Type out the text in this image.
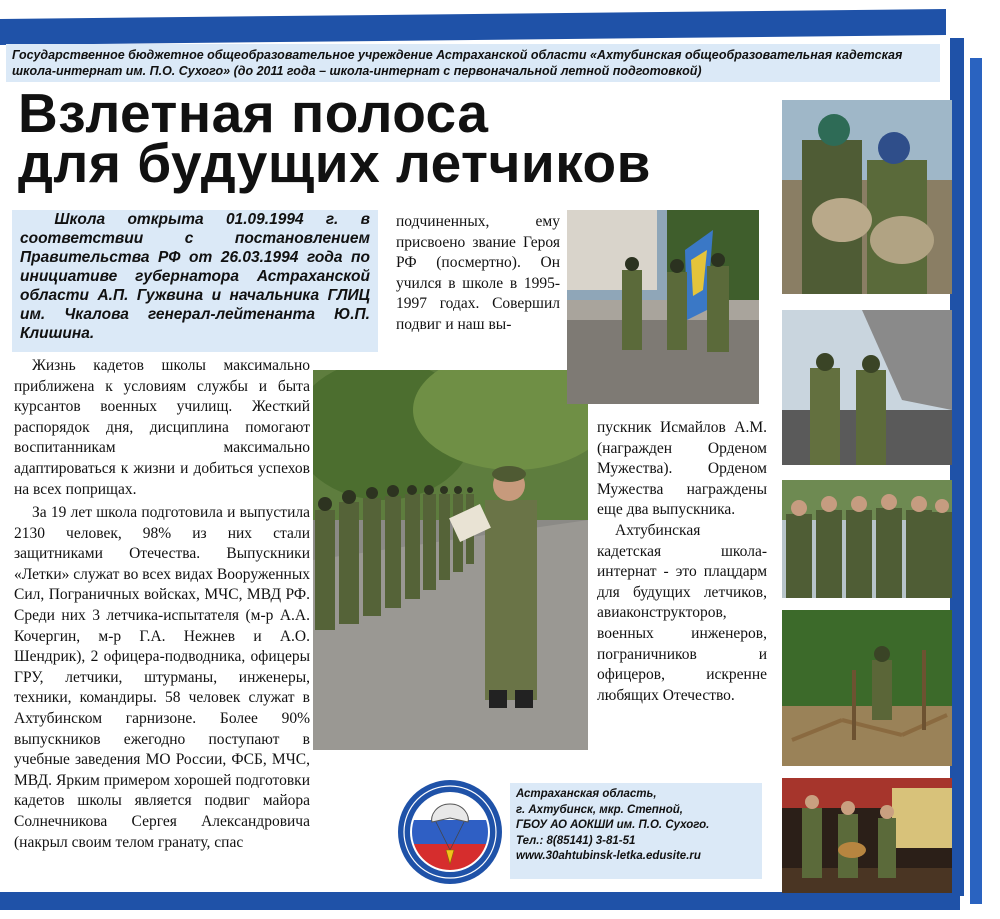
Государственное бюджетное общеобразовательное учреждение Астраханской области «Ахтубинская общеобразовательная кадетская школа-интернат им. П.О. Сухого» (до 2011 года – школа-интернат с первоначальной летной подготовкой)
Взлетная полоса
для будущих летчиков
Школа открыта 01.09.1994 г. в соответствии с постановлением Правительства РФ от 26.03.1994 года по инициативе губернатора Астраханской области А.П. Гужвина и начальника ГЛИЦ им. Чкалова генерал-лейтенанта Ю.П. Клишина.

Жизнь кадетов школы максимально приближена к условиям службы и быта курсантов военных училищ. Жесткий распорядок дня, дисциплина помогают воспитанникам максимально адаптироваться к жизни и добиться успехов на всех поприщах.

За 19 лет школа подготовила и выпустила 2130 человек, 98% из них стали защитниками Отечества. Выпускники «Летки» служат во всех видах Вооруженных Сил, Пограничных войсках, МЧС, МВД РФ. Среди них 3 летчика-испытателя (м-р А.А. Кочергин, м-р Г.А. Нежнев и А.О. Шендрик), 2 офицера-подводника, офицеры ГРУ, летчики, штурманы, инженеры, техники, командиры. 58 человек служат в Ахтубинском гарнизоне. Более 90% выпускников ежегодно поступают в учебные заведения МО России, ФСБ, МЧС, МВД. Ярким примером хорошей подготовки кадетов школы является подвиг майора Солнечникова Сергея Александровича (накрыл своим телом гранату, спас

подчиненных, ему присвоено звание Героя РФ (посмертно). Он учился в школе в 1995-1997 годах. Совершил подвиг и наш вы-

пускник Исмайлов А.М. (награжден Орденом Мужества). Орденом Мужества награждены еще два выпускника.

Ахтубинская кадетская школа-интернат - это плацдарм для будущих летчиков, авиаконструкторов, военных инженеров, пограничников и офицеров, искренне любящих Отечество.

Астраханская область,
г. Ахтубинск, мкр. Степной,
ГБОУ АО АОКШИ им. П.О. Сухого.
Тел.: 8(85141) 3-81-51
www.30ahtubinsk-letka.edusite.ru
